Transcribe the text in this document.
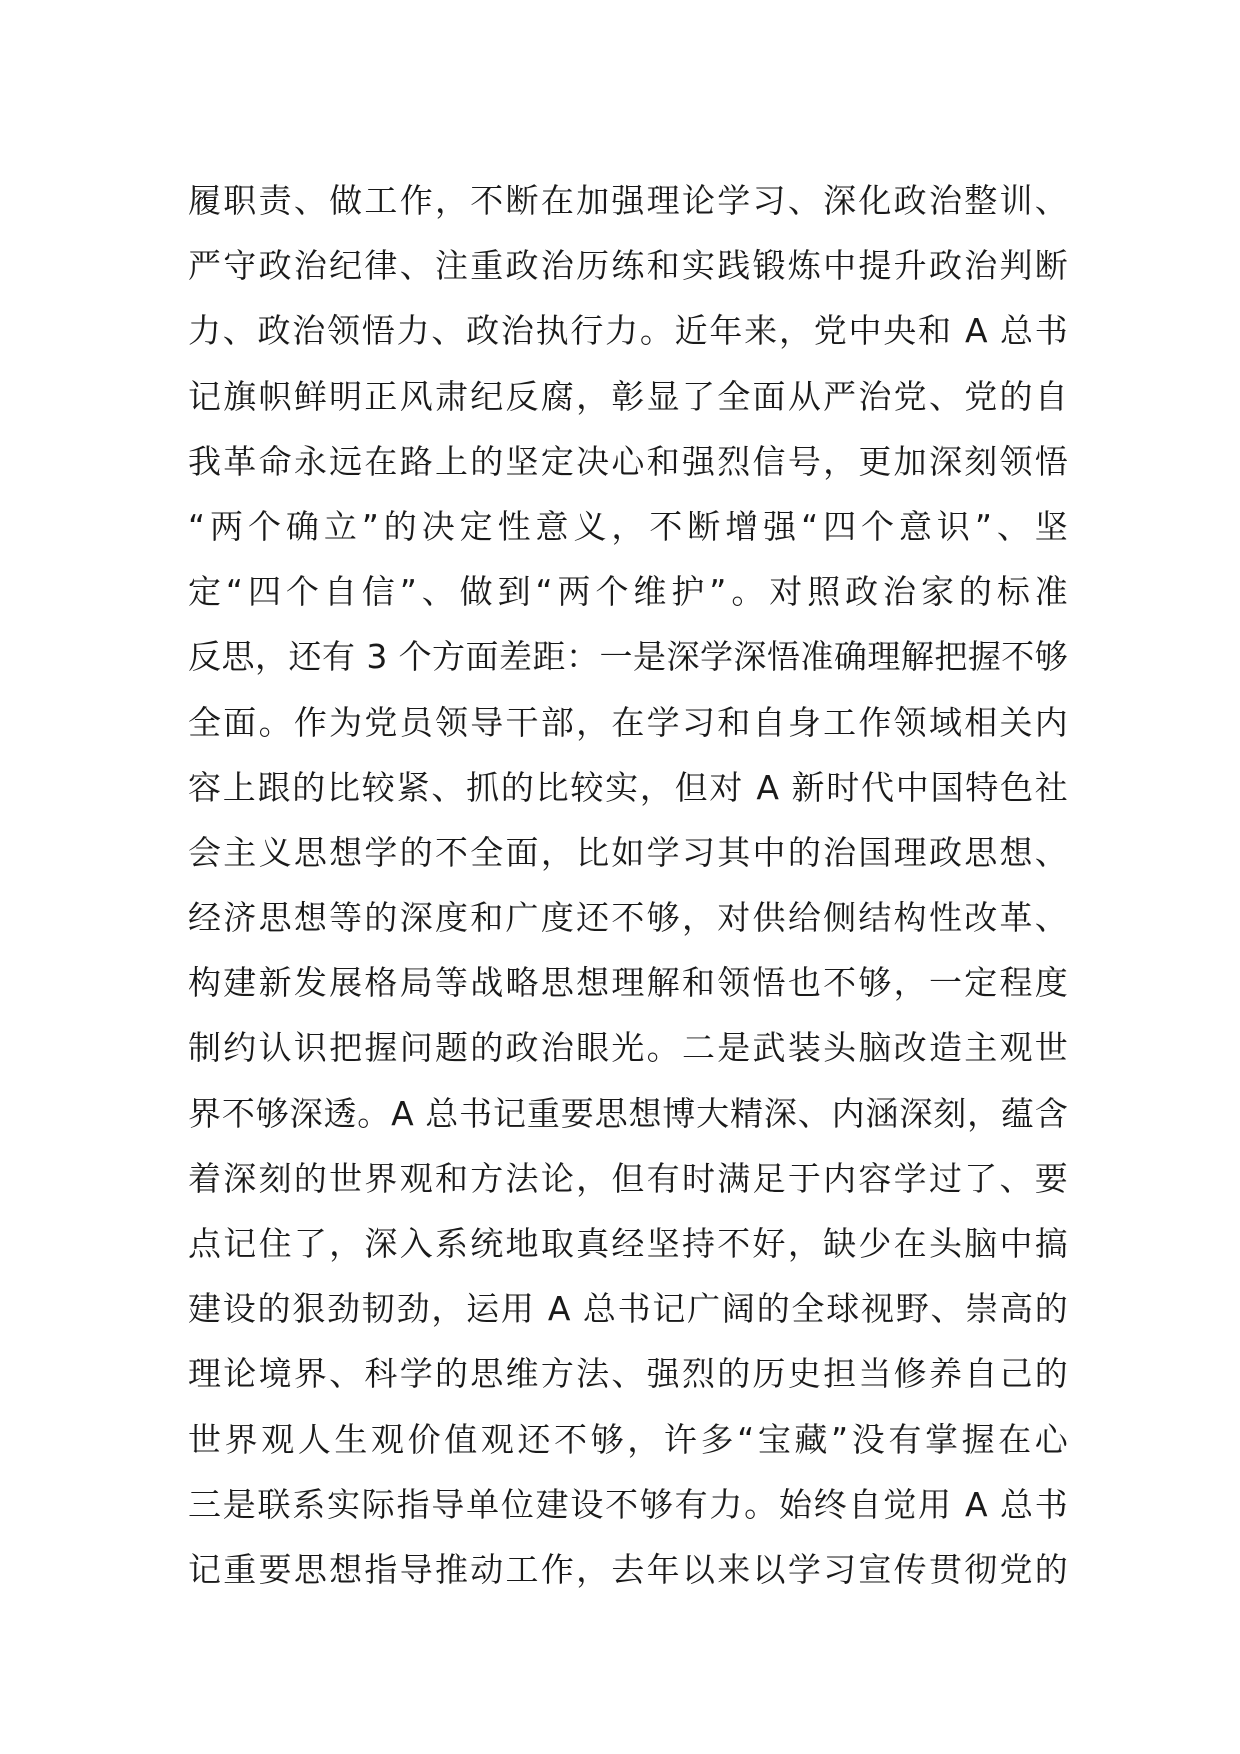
履职责、做工作，不断在加强理论学习、深化政治整训、
严守政治纪律、注重政治历练和实践锻炼中提升政治判断
力、政治领悟力、政治执行力。近年来，党中央和 A 总书
记旗帜鲜明正风肃纪反腐，彰显了全面从严治党、党的自
我革命永远在路上的坚定决心和强烈信号，更加深刻领悟
“两个确立”的决定性意义，不断增强“四个意识”、坚
定“四个自信”、做到“两个维护”。对照政治家的标准
反思，还有 3 个方面差距：一是深学深悟准确理解把握不够
全面。作为党员领导干部，在学习和自身工作领域相关内
容上跟的比较紧、抓的比较实，但对 A 新时代中国特色社
会主义思想学的不全面，比如学习其中的治国理政思想、
经济思想等的深度和广度还不够，对供给侧结构性改革、
构建新发展格局等战略思想理解和领悟也不够，一定程度
制约认识把握问题的政治眼光。二是武装头脑改造主观世
界不够深透。A 总书记重要思想博大精深、内涵深刻，蕴含
着深刻的世界观和方法论，但有时满足于内容学过了、要
点记住了，深入系统地取真经坚持不好，缺少在头脑中搞
建设的狠劲韧劲，运用 A 总书记广阔的全球视野、崇高的
理论境界、科学的思维方法、强烈的历史担当修养自己的
世界观人生观价值观还不够，许多“宝藏”没有掌握在心
三是联系实际指导单位建设不够有力。始终自觉用 A 总书
记重要思想指导推动工作，去年以来以学习宣传贯彻党的
